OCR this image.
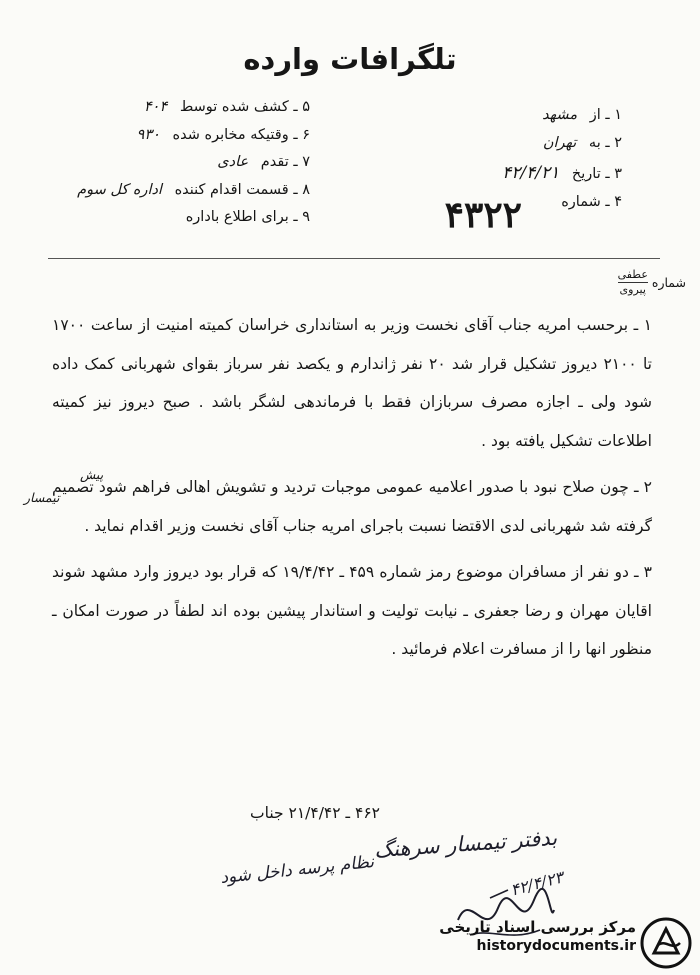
تلگرافات وارده
۱ ـ از مشهد
۲ ـ به تهران
۳ ـ تاریخ ۴۲/۴/۲۱
۴ ـ شماره
۴۳۲۲
۵ ـ کشف شده توسط ۴۰۴
۶ ـ وقتیکه مخابره شده ۹۳۰
۷ ـ تقدم عادی
۸ ـ قسمت اقدام کننده اداره کل سوم
۹ ـ برای اطلاع باداره
شماره
عطفی
پیروی

۱ ـ برحسب امریه جناب آقای نخست وزیر به استانداری خراسان کمیته امنیت از ساعت ۱۷۰۰ تا ۲۱۰۰ دیروز تشکیل قرار شد ۲۰ نفر ژاندارم و یکصد نفر سرباز بقوای شهربانی کمک داده شود ولی ـ اجازه مصرف سربازان فقط با فرماندهی لشگر باشد . صبح دیروز نیز کمیته اطلاعات تشکیل یافته بود .

۲ ـ چون صلاح نبود با صدور اعلامیه عمومی موجبات تردید و تشویش اهالی فراهم شود تصمیم گرفته شد شهربانی لدی الاقتضا نسبت باجرای امریه جناب آقای نخست وزیر اقدام نماید .

۳ ـ دو نفر از مسافران موضوع رمز شماره ۴۵۹ ـ ۱۹/۴/۴۲ که قرار بود دیروز وارد مشهد شوند اقایان مهران و رضا جعفری ـ نیابت تولیت و استاندار پیشین بوده اند لطفاً در صورت امکان ـ منظور انها را از مسافرت اعلام فرمائید .

پیش
تیمسار
۴۶۲ ـ ۲۱/۴/۴۲ جناب
بدفتر تیمسار سرهنگ
نظام پرسه داخل شود	۴۲/۴/۲۳
مرکز بررسی اسناد تاریخی
historydocuments.ir
